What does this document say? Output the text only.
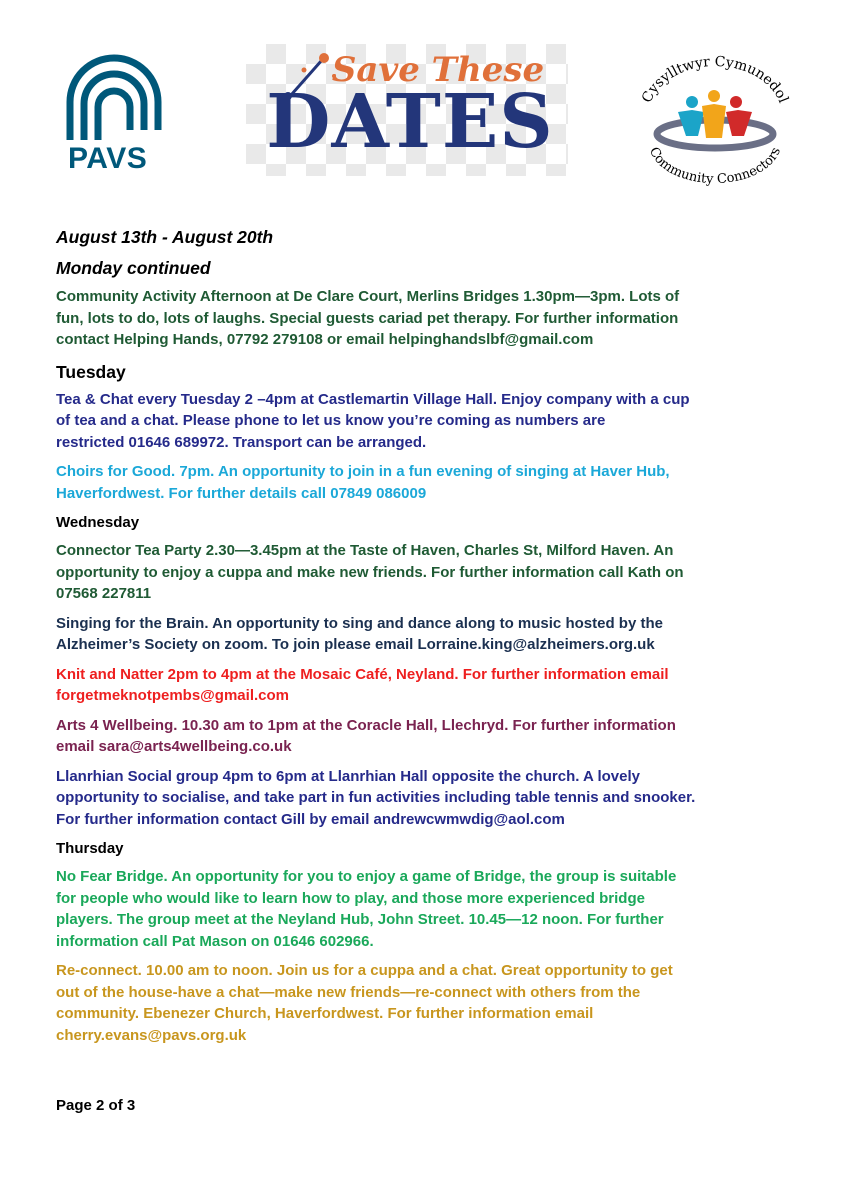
PAVS
Save These
DATES	Cysylltwyr Cymunedol
Community Connectors
August 13th - August 20th
Monday continued
Community Activity Afternoon at De Clare Court, Merlins Bridges 1.30pm—3pm. Lots of
fun, lots to do, lots of laughs. Special guests cariad pet therapy. For further information
contact Helping Hands, 07792 279108 or email helpinghandslbf@gmail.com
Tuesday
Tea & Chat every Tuesday 2 –4pm at Castlemartin Village Hall. Enjoy company with a cup
of tea and a chat. Please phone to let us know you’re coming as numbers are
restricted 01646 689972. Transport can be arranged.
Choirs for Good. 7pm. An opportunity to join in a fun evening of singing at Haver Hub,
Haverfordwest. For further details call 07849 086009
Wednesday
Connector Tea Party 2.30—3.45pm at the Taste of Haven, Charles St, Milford Haven. An
opportunity to enjoy a cuppa and make new friends. For further information call Kath on
07568 227811
Singing for the Brain. An opportunity to sing and dance along to music hosted by the
Alzheimer’s Society on zoom. To join please email Lorraine.king@alzheimers.org.uk
Knit and Natter 2pm to 4pm at the Mosaic Café, Neyland. For further information email
forgetmeknotpembs@gmail.com
Arts 4 Wellbeing. 10.30 am to 1pm at the Coracle Hall, Llechryd. For further information
email sara@arts4wellbeing.co.uk
Llanrhian Social group 4pm to 6pm at Llanrhian Hall opposite the church. A lovely
opportunity to socialise, and take part in fun activities including table tennis and snooker.
For further information contact Gill by email andrewcwmwdig@aol.com
Thursday
No Fear Bridge. An opportunity for you to enjoy a game of Bridge, the group is suitable
for people who would like to learn how to play, and those more experienced bridge
players. The group meet at the Neyland Hub, John Street. 10.45—12 noon. For further
information call Pat Mason on 01646 602966.
Re-connect. 10.00 am to noon. Join us for a cuppa and a chat. Great opportunity to get
out of the house-have a chat—make new friends—re-connect with others from the
community. Ebenezer Church, Haverfordwest. For further information email
cherry.evans@pavs.org.uk
Page 2 of 3
